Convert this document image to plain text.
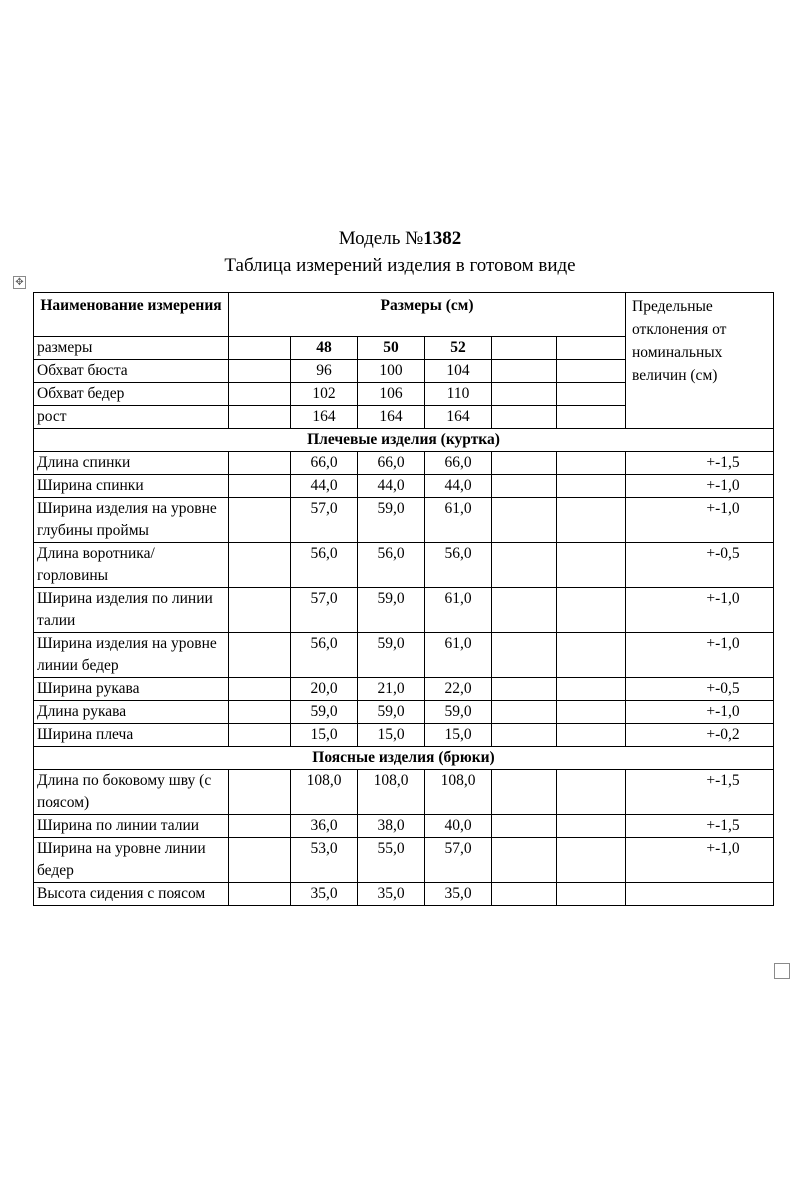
Модель №1382
Таблица измерений изделия в готовом виде
✥
Наименование измерения	Размеры (см)						Предельные отклонения от номинальных величин (см)
размеры		48	50	52			
Обхват бюста		96	100	104			
Обхват бедер		102	106	110			
рост		164	164	164			
Плечевые изделия (куртка)							
Длина спинки		66,0	66,0	66,0			+-1,5
Ширина спинки		44,0	44,0	44,0			+-1,0
Ширина изделия на уровне глубины проймы		57,0	59,0	61,0			+-1,0
Длина воротника/горловины		56,0	56,0	56,0			+-0,5
Ширина изделия по линии талии		57,0	59,0	61,0			+-1,0
Ширина изделия на уровне линии бедер		56,0	59,0	61,0			+-1,0
Ширина рукава		20,0	21,0	22,0			+-0,5
Длина рукава		59,0	59,0	59,0			+-1,0
Ширина плеча		15,0	15,0	15,0			+-0,2
Поясные изделия (брюки)							
Длина по боковому шву (с поясом)		108,0	108,0	108,0			+-1,5
Ширина по линии талии		36,0	38,0	40,0			+-1,5
Ширина на уровне линии бедер		53,0	55,0	57,0			+-1,0
Высота сидения с поясом		35,0	35,0	35,0			
